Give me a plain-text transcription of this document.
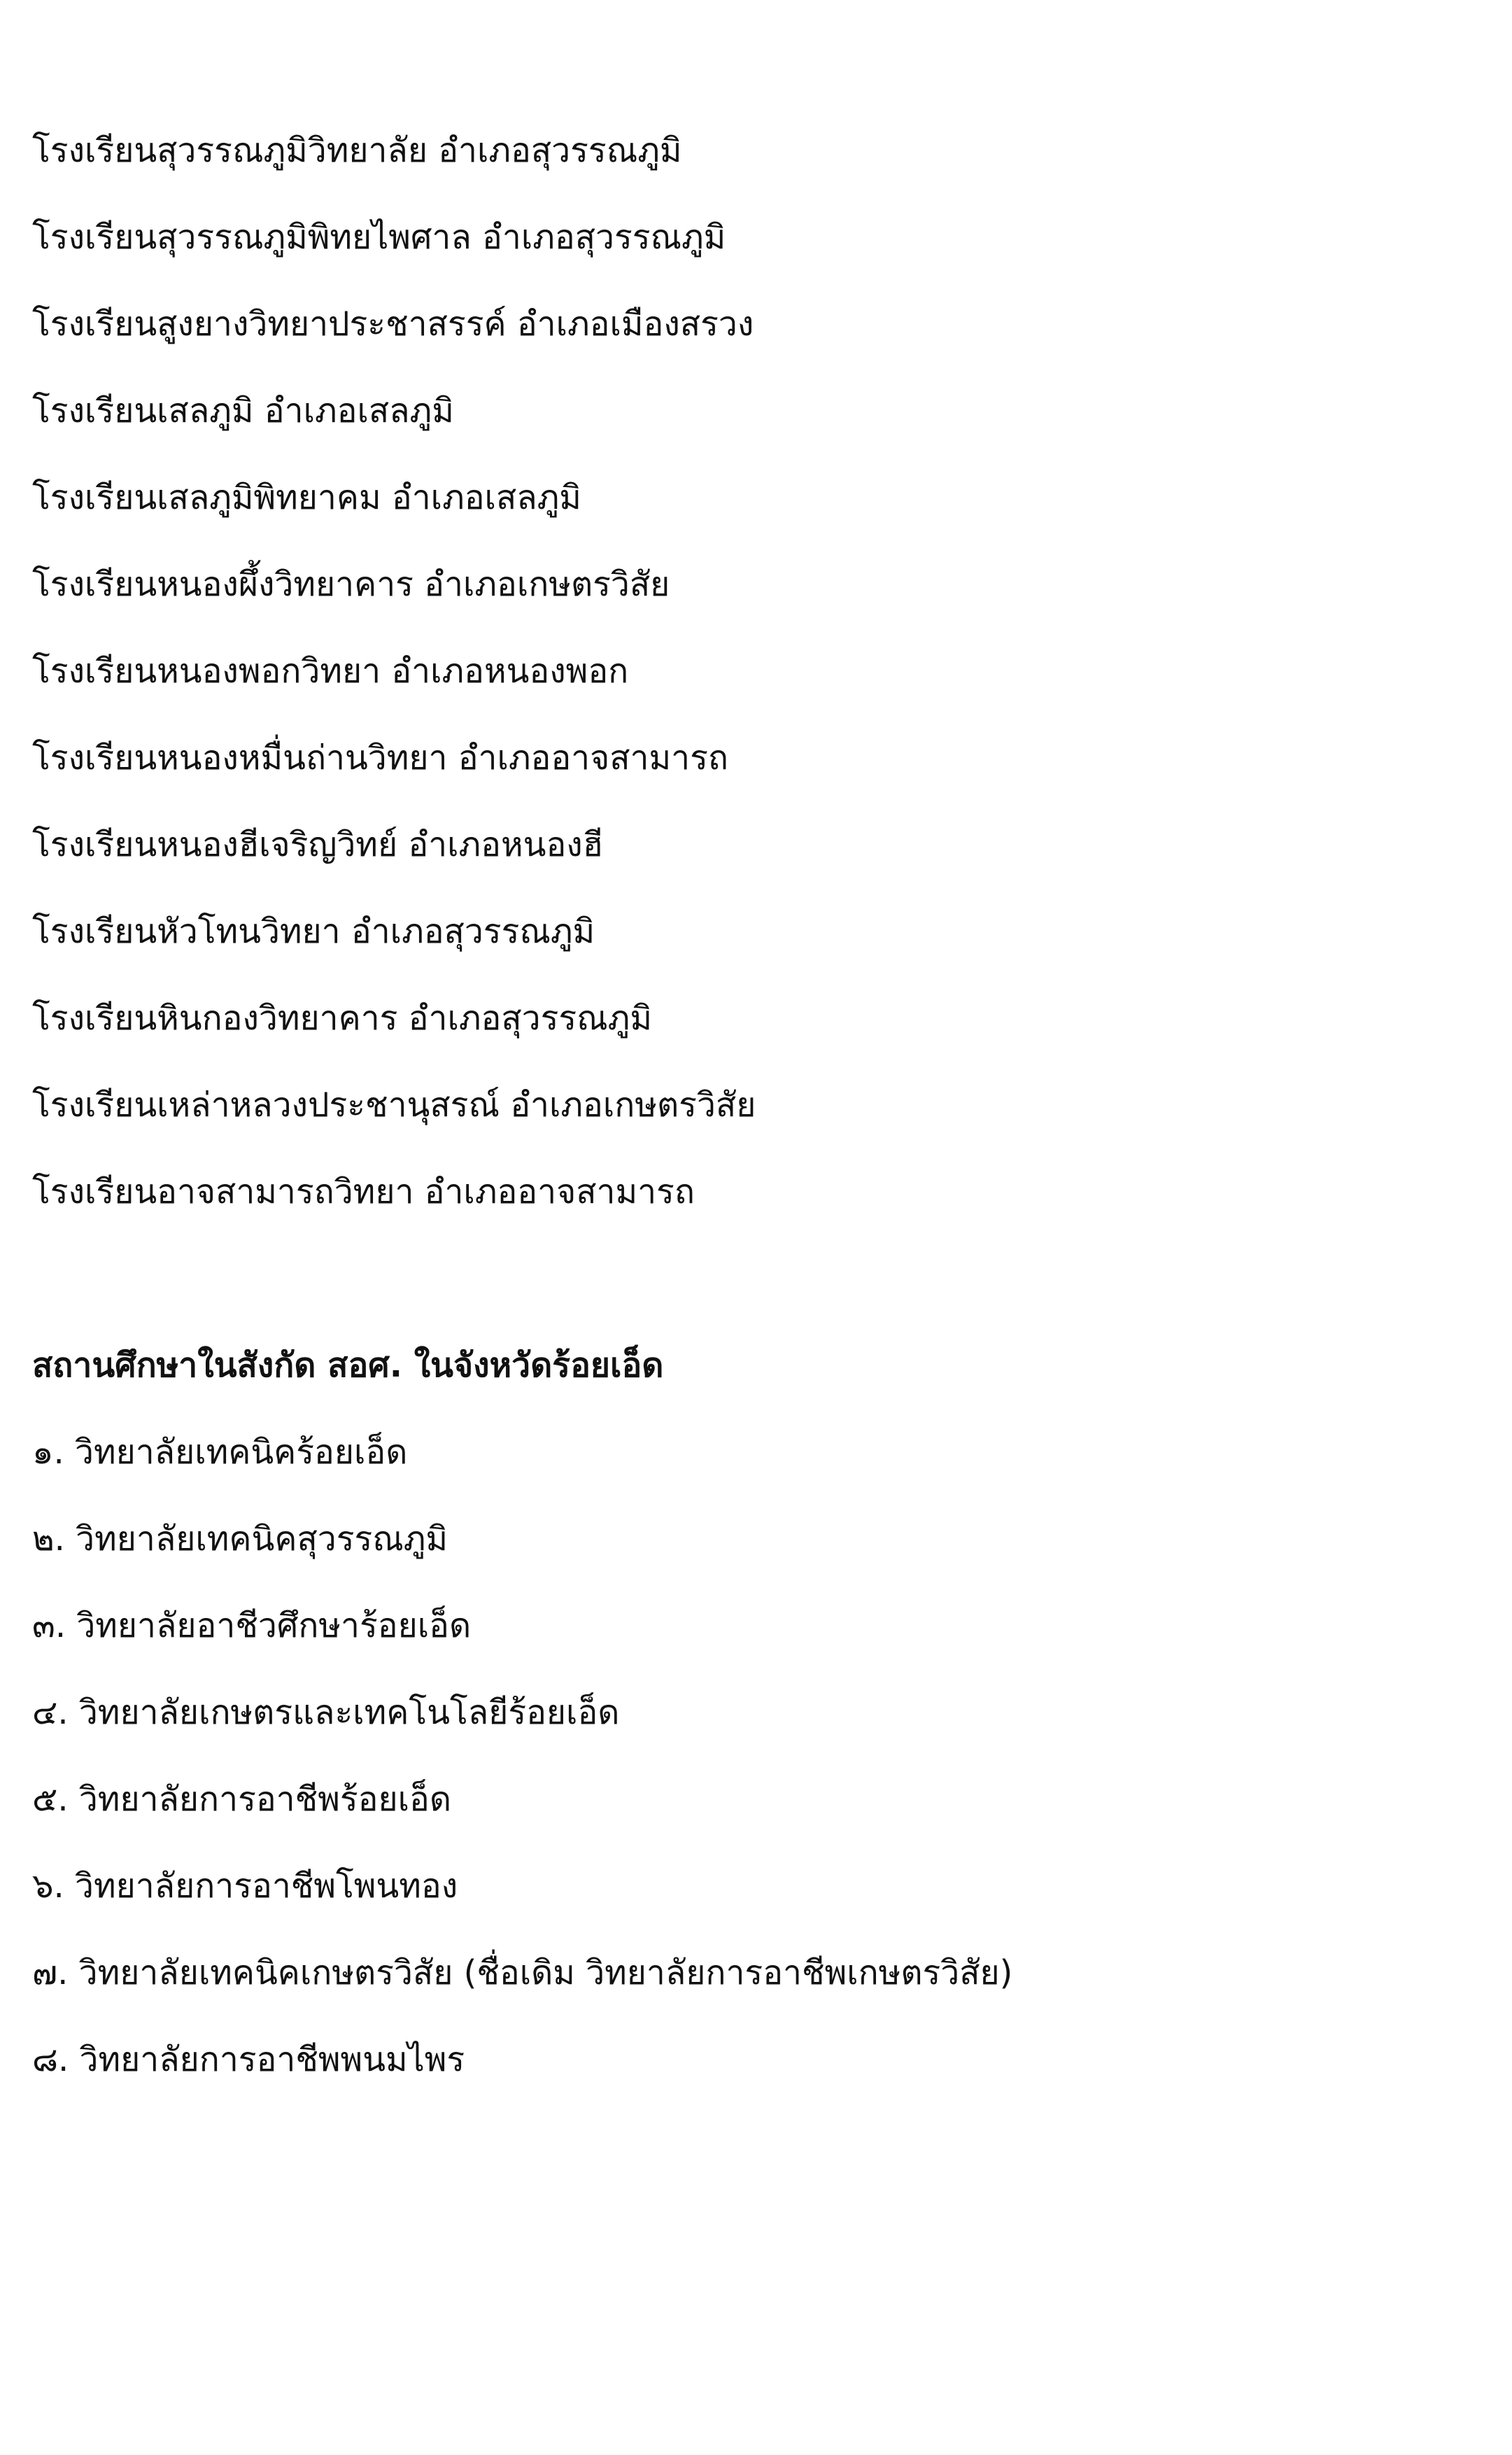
โรงเรียนสุวรรณภูมิวิทยาลัย อำเภอสุวรรณภูมิ
โรงเรียนสุวรรณภูมิพิทยไพศาล อำเภอสุวรรณภูมิ
โรงเรียนสูงยางวิทยาประชาสรรค์ อำเภอเมืองสรวง
โรงเรียนเสลภูมิ อำเภอเสลภูมิ
โรงเรียนเสลภูมิพิทยาคม อำเภอเสลภูมิ
โรงเรียนหนองผึ้งวิทยาคาร อำเภอเกษตรวิสัย
โรงเรียนหนองพอกวิทยา อำเภอหนองพอก
โรงเรียนหนองหมื่นถ่านวิทยา อำเภออาจสามารถ
โรงเรียนหนองฮีเจริญวิทย์ อำเภอหนองฮี
โรงเรียนหัวโทนวิทยา อำเภอสุวรรณภูมิ
โรงเรียนหินกองวิทยาคาร อำเภอสุวรรณภูมิ
โรงเรียนเหล่าหลวงประชานุสรณ์ อำเภอเกษตรวิสัย
โรงเรียนอาจสามารถวิทยา อำเภออาจสามารถ
สถานศึกษาในสังกัด สอศ. ในจังหวัดร้อยเอ็ด
๑. วิทยาลัยเทคนิคร้อยเอ็ด
๒. วิทยาลัยเทคนิคสุวรรณภูมิ
๓. วิทยาลัยอาชีวศึกษาร้อยเอ็ด
๔. วิทยาลัยเกษตรและเทคโนโลยีร้อยเอ็ด
๕. วิทยาลัยการอาชีพร้อยเอ็ด
๖. วิทยาลัยการอาชีพโพนทอง
๗. วิทยาลัยเทคนิคเกษตรวิสัย (ชื่อเดิม วิทยาลัยการอาชีพเกษตรวิสัย)
๘. วิทยาลัยการอาชีพพนมไพร
